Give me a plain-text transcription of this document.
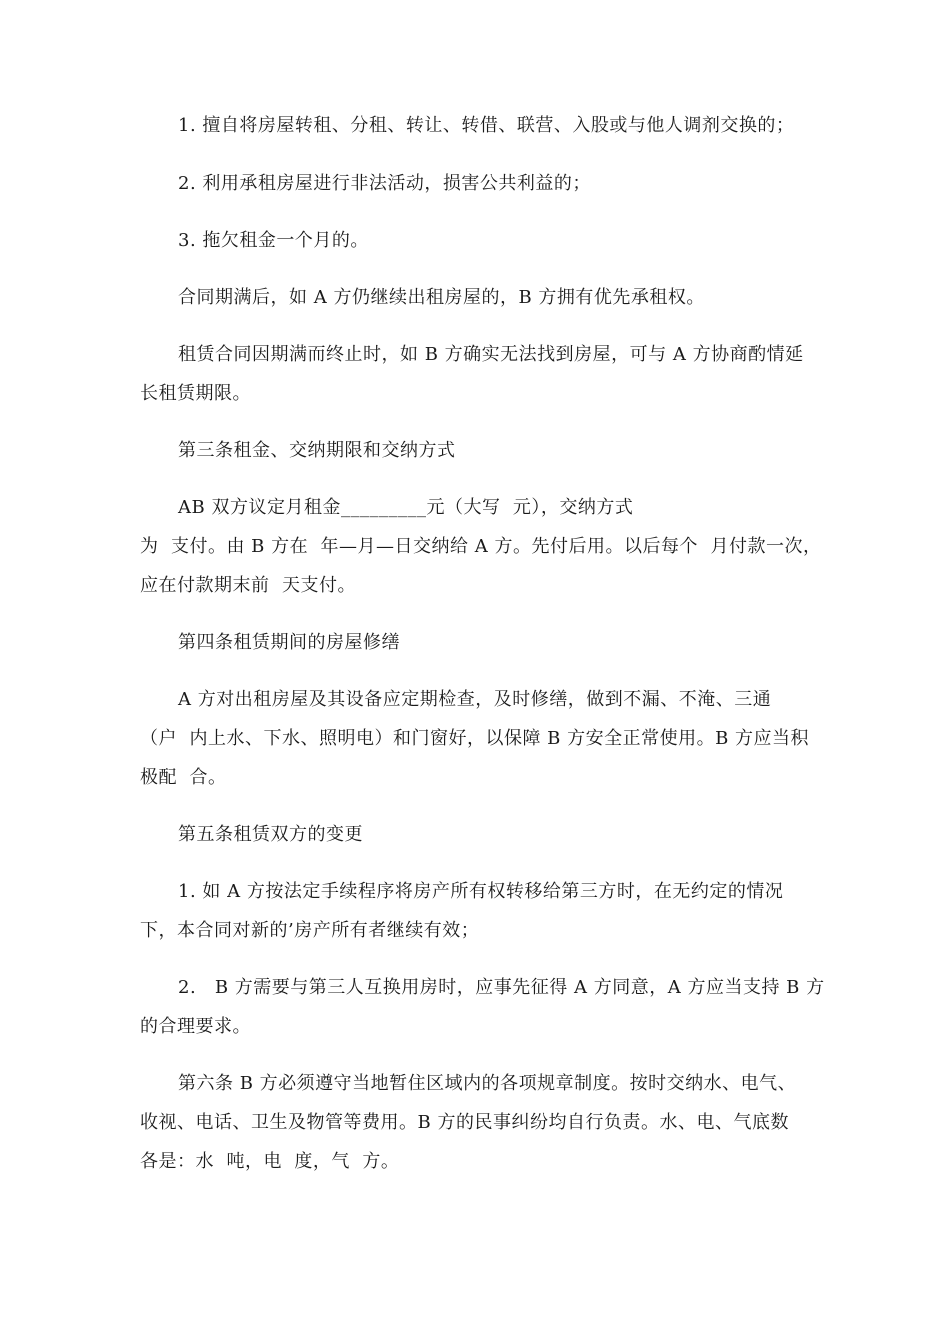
1. 擅自将房屋转租、分租、转让、转借、联营、入股或与他人调剂交换的；
2. 利用承租房屋进行非法活动，损害公共利益的；
3. 拖欠租金一个月的。
合同期满后，如 A 方仍继续出租房屋的，B 方拥有优先承租权。
租赁合同因期满而终止时，如 B 方确实无法找到房屋，可与 A 方协商酌情延
长租赁期限。
第三条租金、交纳期限和交纳方式
AB 双方议定月租金_________元（大写  元），交纳方式
为  支付。由 B 方在  年—月—日交纳给 A 方。先付后用。以后每个  月付款一次，
应在付款期末前  天支付。
第四条租赁期间的房屋修缮
A 方对出租房屋及其设备应定期检查，及时修缮，做到不漏、不淹、三通
（户  内上水、下水、照明电）和门窗好，以保障 B 方安全正常使用。B 方应当积
极配  合。
第五条租赁双方的变更
1. 如 A 方按法定手续程序将房产所有权转移给第三方时，在无约定的情况
下，本合同对新的’房产所有者继续有效；
2.   B 方需要与第三人互换用房时，应事先征得 A 方同意，A 方应当支持 B 方
的合理要求。
第六条 B 方必须遵守当地暂住区域内的各项规章制度。按时交纳水、电气、
收视、电话、卫生及物管等费用。B 方的民事纠纷均自行负责。水、电、气底数
各是：水  吨，电  度，气  方。
